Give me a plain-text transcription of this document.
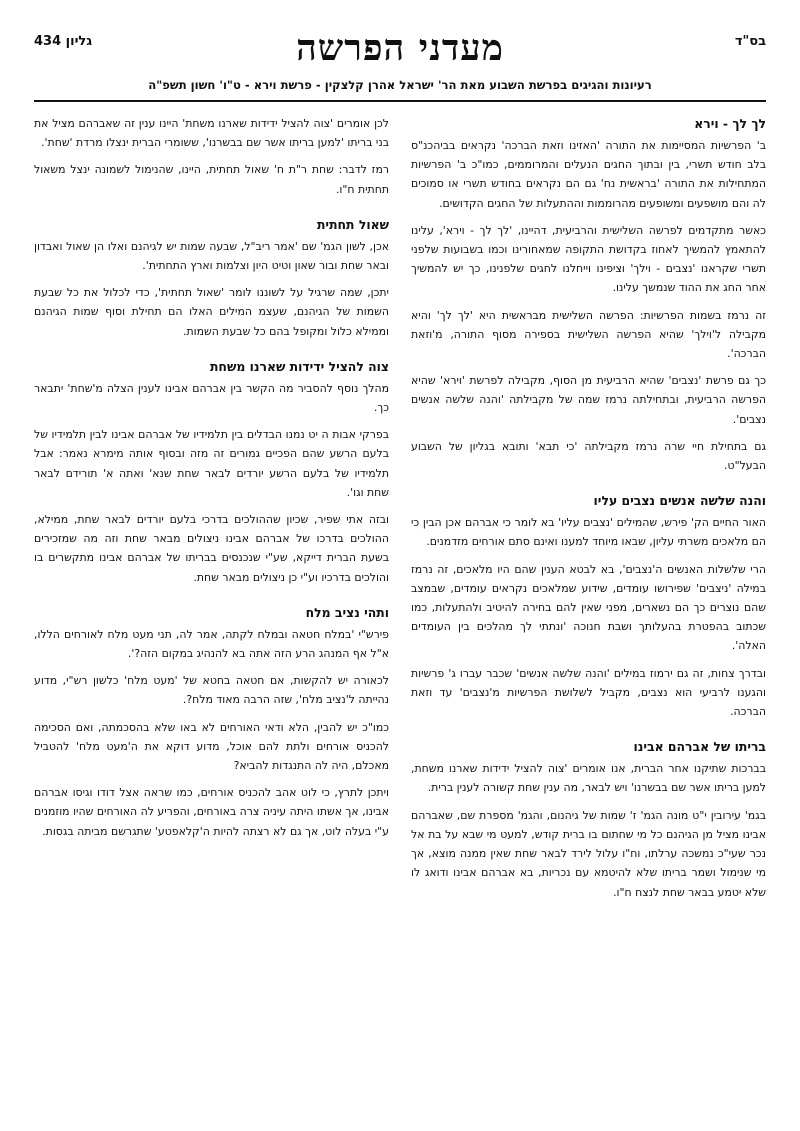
בס"ד
מעדני הפרשה
גליון 434
רעיונות והגיגים בפרשת השבוע מאת הר' ישראל אהרן קלצקין - פרשת וירא - ט"ו' חשון תשפ"ה
לך לך - וירא

ב' הפרשיות המסיימות את התורה 'האזינו וזאת הברכה' נקראים בביהכנ"ס בלב חודש תשרי, בין ובתוך החגים הנעלים והמרוממים, כמו"כ ב' הפרשיות המתחילות את התורה 'בראשית נח' גם הם נקראים בחודש תשרי או סמוכים לה והם מושפעים ומשופעים מהרוממות וההתעלות של החגים הקדושים.

כאשר מתקדמים לפרשה השלישית והרביעית, דהיינו, 'לך לך - וירא', עלינו להתאמץ להמשיך לאחוז בקדושת התקופה שמאחורינו וכמו בשבועות שלפני תשרי שקראנו 'נצבים - וילך' וציפינו וייחלנו לחגים שלפנינו, כך יש להמשיך אחר החג את ההוד שנמשך עלינו.

זה נרמז בשמות הפרשיות: הפרשה השלישית מבראשית היא 'לך לך' והיא מקבילה ל'וילך' שהיא הפרשה השלישית בספירה מסוף התורה, מ'וזאת הברכה'.

כך גם פרשת 'נצבים' שהיא הרביעית מן הסוף, מקבילה לפרשת 'וירא' שהיא הפרשה הרביעית, ובתחילתה נרמז שמה של מקבילתה 'והנה שלשה אנשים נצבים'.

גם בתחילת חיי שרה נרמז מקבילתה 'כי תבא' ותובא בגליון של השבוע הבעל"ט.

והנה שלשה אנשים נצבים עליו

האור החיים הק' פירש, שהמילים 'נצבים עליו' בא לומר כי אברהם אכן הבין כי הם מלאכים משרתי עליון, שבאו מיוחד למענו ואינם סתם אורחים מזדמנים.

הרי שלשלות האנשים ה'נצבים', בא לבטא הענין שהם היו מלאכים, זה נרמז במילה 'ניצבים' שפירושו עומדים, שידוע שמלאכים נקראים עומדים, שבמצב שהם נוצרים כך הם נשארים, מפני שאין להם בחירה להיטיב ולהתעלות, כמו שכתוב בהפטרת בהעלותך ושבת חנוכה 'ונתתי לך מהלכים בין העומדים האלה'.

ובדרך צחות, זה גם ירמוז במילים 'והנה שלשה אנשים' שכבר עברו ג' פרשיות והגענו לרביעי הוא נצבים, מקביל לשלושת הפרשיות מ'נצבים' עד וזאת הברכה.

בריתו של אברהם אבינו

בברכות שתיקנו אחר הברית, אנו אומרים 'צוה להציל ידידות שארנו משחת, למען בריתו אשר שם בבשרנו' ויש לבאר, מה ענין שחת קשורה לענין ברית.

בגמ' עירובין י"ט מונה הגמ' ז' שמות של גיהנום, והגמ' מספרת שם, שאברהם אבינו מציל מן הגיהנם כל מי שחתום בו ברית קודש, למעט מי שבא על בת אל נכר שעי"כ נמשכה ערלתו, וח"ו עלול לירד לבאר שחת שאין ממנה מוצא, אך מי שנימול ושמר בריתו שלא להיטמא עם נכריות, בא אברהם אבינו ודואג לו שלא יטמע בבאר שחת לנצח ח"ו.

לכן אומרים 'צוה להציל ידידות שארנו משחת' היינו ענין זה שאברהם מציל את בני בריתו 'למען בריתו אשר שם בבשרנו', ששומרי הברית ינצלו מרדת 'שחת'.

רמז לדבר: שחת ר"ת ח' שאול תחתית, היינו, שהנימול לשמונה ינצל משאול תחתית ח"ו.

שאול תחתית

אכן, לשון הגמ' שם 'אמר ריב"ל, שבעה שמות יש לגיהנם ואלו הן שאול ואבדון ובאר שחת ובור שאון וטיט היון וצלמות וארץ התחתית'.

יתכן, שמה שרגיל על לשוננו לומר 'שאול תחתית', כדי לכלול את כל שבעת השמות של הגיהנם, שעצמ המילים האלו הם תחילת וסוף שמות הגיהנם וממילא כלול ומקופל בהם כל שבעת השמות.

צוה להציל ידידות שארנו משחת

מהלך נוסף להסביר מה הקשר בין אברהם אבינו לענין הצלה מ'שחת' יתבאר כך.

בפרקי אבות ה יט נמנו הבדלים בין תלמידיו של אברהם אבינו לבין תלמידיו של בלעם הרשע שהם הפכיים גמורים זה מזה ובסוף אותה מימרא נאמר: אבל תלמידיו של בלעם הרשע יורדים לבאר שחת שנא' ואתה א' תורידם לבאר שחת וגו'.

ובזה אתי שפיר, שכיון שההולכים בדרכי בלעם יורדים לבאר שחת, ממילא, ההולכים בדרכו של אברהם אבינו ניצולים מבאר שחת וזה מה שמזכירים בשעת הברית דייקא, שע"י שנכנסים בבריתו של אברהם אבינו מתקשרים בו והולכים בדרכיו וע"י כן ניצולים מבאר שחת.

ותהי נציב מלח

פירש"י 'במלח חטאה ובמלח לקתה, אמר לה, תני מעט מלח לאורחים הללו, א"ל אף המנהג הרע הזה אתה בא להנהיג במקום הזה?'.

לכאורה יש להקשות, אם חטאה בחטא של 'מעט מלח' כלשון רש"י, מדוע נהייתה ל'נציב מלח', שזה הרבה מאוד מלח?.

כמו"כ יש להבין, הלא ודאי האורחים לא באו שלא בהסכמתה, ואם הסכימה להכניס אורחים ולתת להם אוכל, מדוע דוקא את ה'מעט מלח' להטביל מאכלם, היה לה התנגדות להביא?

ויתכן לתרץ, כי לוט אהב להכניס אורחים, כמו שראה אצל דודו וגיסו אברהם אבינו, אך אשתו היתה עיניה צרה באורחים, והפריע לה האורחים שהיו מוזמנים ע"י בעלה לוט, אך גם לא רצתה להיות ה'קלאפטע' שתגרשם מביתה בגסות.
